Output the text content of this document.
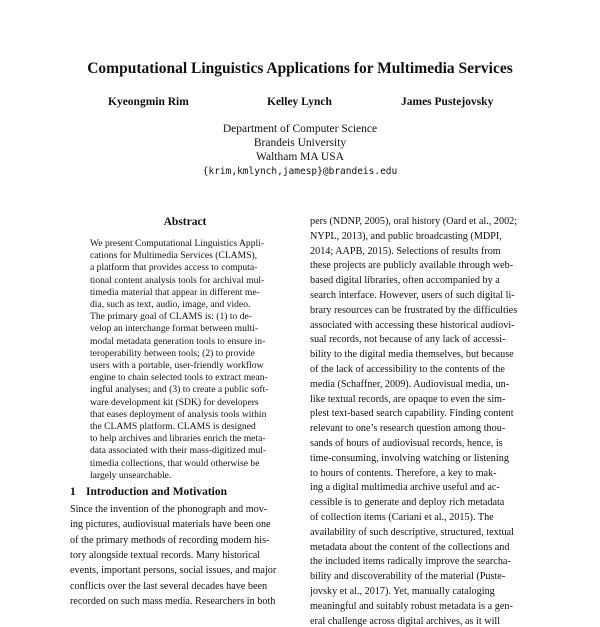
Computational Linguistics Applications for Multimedia Services
Kyeongmin Rim	Kelley Lynch	James Pustejovsky
Department of Computer Science
Brandeis University
Waltham MA USA
{krim,kmlynch,jamesp}@brandeis.edu
Abstract
We present Computational Linguistics Appli-
cations for Multimedia Services (CLAMS),
a platform that provides access to computa-
tional content analysis tools for archival mul-
timedia material that appear in different me-
dia, such as text, audio, image, and video.
The primary goal of CLAMS is: (1) to de-
velop an interchange format between multi-
modal metadata generation tools to ensure in-
teroperability between tools; (2) to provide
users with a portable, user-friendly workflow
engine to chain selected tools to extract mean-
ingful analyses; and (3) to create a public soft-
ware development kit (SDK) for developers
that eases deployment of analysis tools within
the CLAMS platform. CLAMS is designed
to help archives and libraries enrich the meta-
data associated with their mass-digitized mul-
timedia collections, that would otherwise be
largely unsearchable.
1 Introduction and Motivation
Since the invention of the phonograph and mov-
ing pictures, audiovisual materials have been one
of the primary methods of recording modern his-
tory alongside textual records. Many historical
events, important persons, social issues, and major
conflicts over the last several decades have been
recorded on such mass media. Researchers in both
pers (NDNP, 2005), oral history (Oard et al., 2002;
NYPL, 2013), and public broadcasting (MDPI,
2014; AAPB, 2015). Selections of results from
these projects are publicly available through web-
based digital libraries, often accompanied by a
search interface. However, users of such digital li-
brary resources can be frustrated by the difficulties
associated with accessing these historical audiovi-
sual records, not because of any lack of accessi-
bility to the digital media themselves, but because
of the lack of accessibility to the contents of the
media (Schaffner, 2009). Audiovisual media, un-
like textual records, are opaque to even the sim-
plest text-based search capability. Finding content
relevant to one’s research question among thou-
sands of hours of audiovisual records, hence, is
time-consuming, involving watching or listening
to hours of contents. Therefore, a key to mak-
ing a digital multimedia archive useful and ac-
cessible is to generate and deploy rich metadata
of collection items (Cariani et al., 2015). The
availability of such descriptive, structured, textual
metadata about the content of the collections and
the included items radically improve the searcha-
bility and discoverability of the material (Puste-
jovsky et al., 2017). Yet, manually cataloging
meaningful and suitably robust metadata is a gen-
eral challenge across digital archives, as it will
